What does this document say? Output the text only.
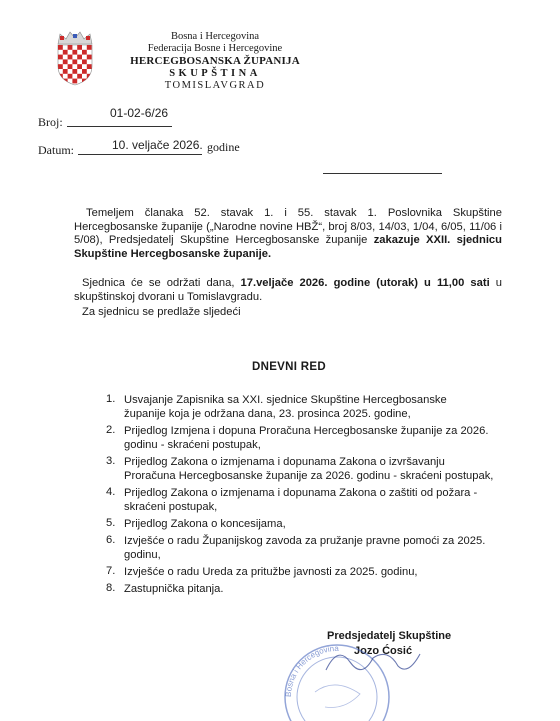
Bosna i Hercegovina
Federacija Bosne i Hercegovine
HERCEGBOSANSKA ŽUPANIJA
SKUPŠTINA
TOMISLAVGRAD
Broj:
01-02-6/26
Datum:	10. veljače 2026. godine
Temeljem članaka 52. stavak 1. i 55. stavak 1. Poslovnika Skupštine Hercegbosanske županije („Narodne novine HBŽ“, broj 8/03, 14/03, 1/04, 6/05, 11/06 i 5/08), Predsjedatelj Skupštine Hercegbosanske županije zakazuje XXII. sjednicu Skupštine Hercegbosanske županije.
Sjednica će se održati dana, 17.veljače 2026. godine (utorak) u 11,00 sati u skupštinskoj dvorani u Tomislavgradu.
Za sjednicu se predlaže sljedeći
DNEVNI RED
1. Usvajanje Zapisnika sa XXI. sjednice Skupštine Hercegbosanske
županije koja je održana dana, 23. prosinca 2025. godine,
2. Prijedlog Izmjena i dopuna Proračuna Hercegbosanske županije za 2026.
godinu - skraćeni postupak,
3. Prijedlog Zakona o izmjenama i dopunama Zakona o izvršavanju
Proračuna Hercegbosanske županije za 2026. godinu - skraćeni postupak,
4. Prijedlog Zakona o izmjenama i dopunama Zakona o zaštiti od požara -
skraćeni postupak,
5. Prijedlog Zakona o koncesijama,
6. Izvješće o radu Županijskog zavoda za pružanje pravne pomoći za 2025.
godinu,
7. Izvješće o radu Ureda za pritužbe javnosti za 2025. godinu,
8. Zastupnička pitanja.
Predsjedatelj Skupštine
Jozo Ćosić
Bosna i Hercegovina
